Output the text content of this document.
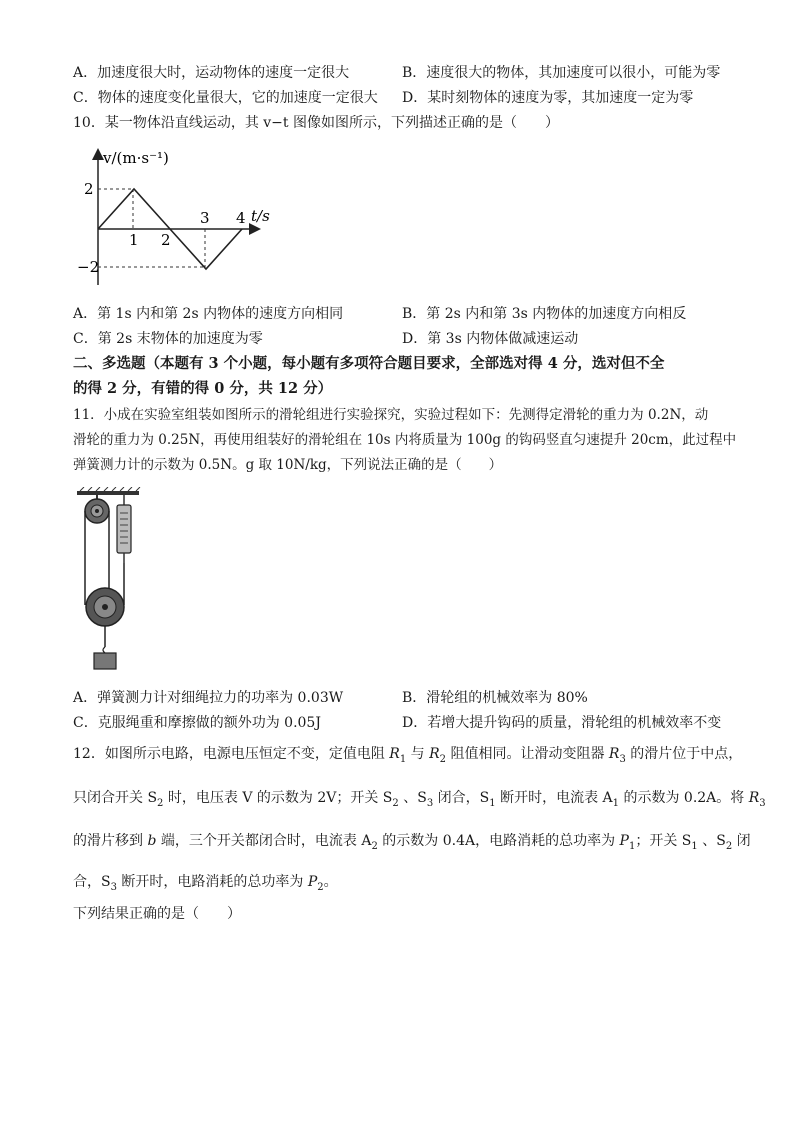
A．加速度很大时，运动物体的速度一定很大	B．速度很大的物体，其加速度可以很小，可能为零
C．物体的速度变化量很大，它的加速度一定很大 D．某时刻物体的速度为零，其加速度一定为零
10．某一物体沿直线运动，其 v−t 图像如图所示，下列描述正确的是（　　）
v/(m·s⁻¹)
t/s
2
−2
1 2
3 4
A．第 1s 内和第 2s 内物体的速度方向相同	B．第 2s 内和第 3s 内物体的加速度方向相反
C．第 2s 末物体的加速度为零	D．第 3s 内物体做减速运动
二、多选题（本题有 3 个小题，每小题有多项符合题目要求，全部选对得 4 分，选对但不全
的得 2 分，有错的得 0 分，共 12 分）
11．小成在实验室组装如图所示的滑轮组进行实验探究，实验过程如下：先测得定滑轮的重力为 0.2N，动
滑轮的重力为 0.25N，再使用组装好的滑轮组在 10s 内将质量为 100g 的钩码竖直匀速提升 20cm，此过程中
弹簧测力计的示数为 0.5N。g 取 10N/kg，下列说法正确的是（　　）
A．弹簧测力计对细绳拉力的功率为 0.03W	B．滑轮组的机械效率为 80%
C．克服绳重和摩擦做的额外功为 0.05J	D．若增大提升钩码的质量，滑轮组的机械效率不变
12．如图所示电路，电源电压恒定不变，定值电阻 $R_1$ 与 $R_2$ 阻值相同。让滑动变阻器 $R_3$ 的滑片位于中点，
只闭合开关 $S_2$ 时，电压表 V 的示数为 2V；开关 $S_2$ 、$S_3$ 闭合，$S_1$ 断开时，电流表 $A_1$ 的示数为 0.2A。将 $R_3$
的滑片移到 b 端，三个开关都闭合时，电流表 $A_2$ 的示数为 0.4A，电路消耗的总功率为 $P_1$；开关 $S_1$ 、$S_2$ 闭
合，$S_3$ 断开时，电路消耗的总功率为 $P_2$。
下列结果正确的是（　　）
